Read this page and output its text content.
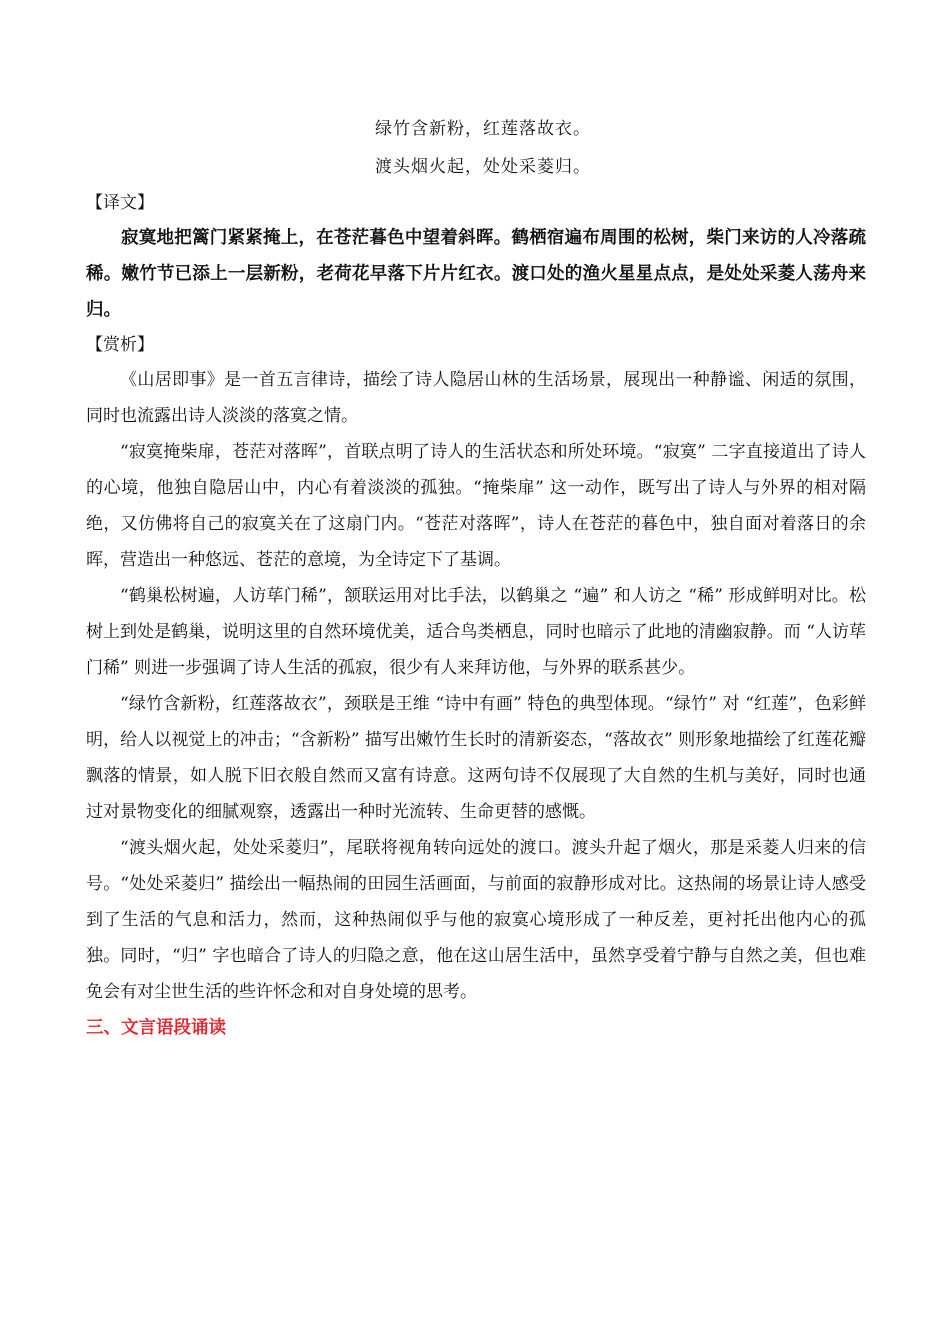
绿竹含新粉，红莲落故衣。
渡头烟火起，处处采菱归。
【译文】

寂寞地把篱门紧紧掩上，在苍茫暮色中望着斜晖。鹤栖宿遍布周围的松树，柴门来访的人冷落疏稀。嫩竹节已添上一层新粉，老荷花早落下片片红衣。渡口处的渔火星星点点，是处处采菱人荡舟来归。

【赏析】

《山居即事》是一首五言律诗，描绘了诗人隐居山林的生活场景，展现出一种静谧、闲适的氛围，同时也流露出诗人淡淡的落寞之情。

“寂寞掩柴扉，苍茫对落晖”，首联点明了诗人的生活状态和所处环境。“寂寞” 二字直接道出了诗人的心境，他独自隐居山中，内心有着淡淡的孤独。“掩柴扉” 这一动作，既写出了诗人与外界的相对隔绝，又仿佛将自己的寂寞关在了这扇门内。“苍茫对落晖”，诗人在苍茫的暮色中，独自面对着落日的余晖，营造出一种悠远、苍茫的意境，为全诗定下了基调。

“鹤巢松树遍，人访荜门稀”，颔联运用对比手法，以鹤巢之 “遍” 和人访之 “稀” 形成鲜明对比。松树上到处是鹤巢，说明这里的自然环境优美，适合鸟类栖息，同时也暗示了此地的清幽寂静。而 “人访荜门稀” 则进一步强调了诗人生活的孤寂，很少有人来拜访他，与外界的联系甚少。

“绿竹含新粉，红莲落故衣”，颈联是王维 “诗中有画” 特色的典型体现。“绿竹” 对 “红莲”，色彩鲜明，给人以视觉上的冲击；“含新粉” 描写出嫩竹生长时的清新姿态，“落故衣” 则形象地描绘了红莲花瓣飘落的情景，如人脱下旧衣般自然而又富有诗意。这两句诗不仅展现了大自然的生机与美好，同时也通过对景物变化的细腻观察，透露出一种时光流转、生命更替的感慨。

“渡头烟火起，处处采菱归”，尾联将视角转向远处的渡口。渡头升起了烟火，那是采菱人归来的信号。“处处采菱归” 描绘出一幅热闹的田园生活画面，与前面的寂静形成对比。这热闹的场景让诗人感受到了生活的气息和活力，然而，这种热闹似乎与他的寂寞心境形成了一种反差，更衬托出他内心的孤独。同时，“归” 字也暗合了诗人的归隐之意，他在这山居生活中，虽然享受着宁静与自然之美，但也难免会有对尘世生活的些许怀念和对自身处境的思考。

三、文言语段诵读
